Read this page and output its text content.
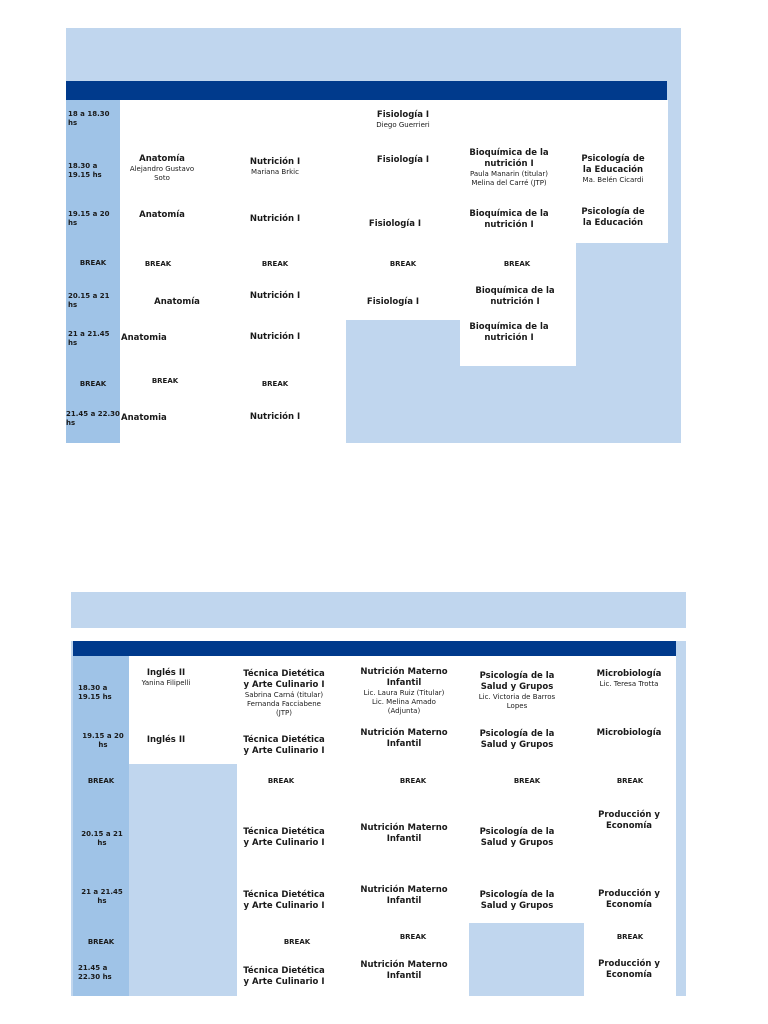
18 a 18.30 hs
18.30 a 19.15 hs
19.15 a 20 hs
BREAK
20.15 a 21 hs
21 a 21.45 hs
BREAK
21.45 a 22.30 hs
Anatomía
Alejandro Gustavo Soto
Anatomía
BREAK
Anatomía
Anatomia
BREAK
Anatomia
Nutrición I
Mariana Brkic
Nutrición I
BREAK
Nutrición I
Nutrición I
BREAK
Nutrición I
Fisiología I
Diego Guerrieri
Fisiología I
Fisiología I
BREAK
Fisiología I
Bioquímica de la nutrición I
Paula Manarin (titular)
Melina del Carré (JTP)
Bioquímica de la nutrición I
BREAK
Bioquímica de la nutrición I
Bioquímica de la nutrición I
Psicología de la Educación
Ma. Belén Cicardi
Psicología de la Educación
18.30 a 19.15 hs
19.15 a 20 hs
BREAK
20.15 a 21 hs
21 a 21.45 hs
BREAK
21.45 a 22.30 hs
Inglés II
Yanina Filipelli
Inglés II
Técnica Dietética y Arte Culinario I
Sabrina Carná (titular)
Fernanda Facciabene (JTP)
Técnica Dietética y Arte Culinario I
BREAK
Técnica Dietética y Arte Culinario I
Técnica Dietética y Arte Culinario I
BREAK
Técnica Dietética y Arte Culinario I
Nutrición Materno Infantil
Lic. Laura Ruiz (Titular)
Lic. Melina Amado (Adjunta)
Nutrición Materno Infantil
BREAK
Nutrición Materno Infantil
Nutrición Materno Infantil
BREAK
Nutrición Materno Infantil
Psicología de la Salud y Grupos
Lic. Victoria de Barros Lopes
Psicología de la Salud y Grupos
BREAK
Psicología de la Salud y Grupos
Psicología de la Salud y Grupos
Microbiología
Lic. Teresa Trotta
Microbiología
BREAK
Producción y Economía
Producción y Economía
BREAK
Producción y Economía
